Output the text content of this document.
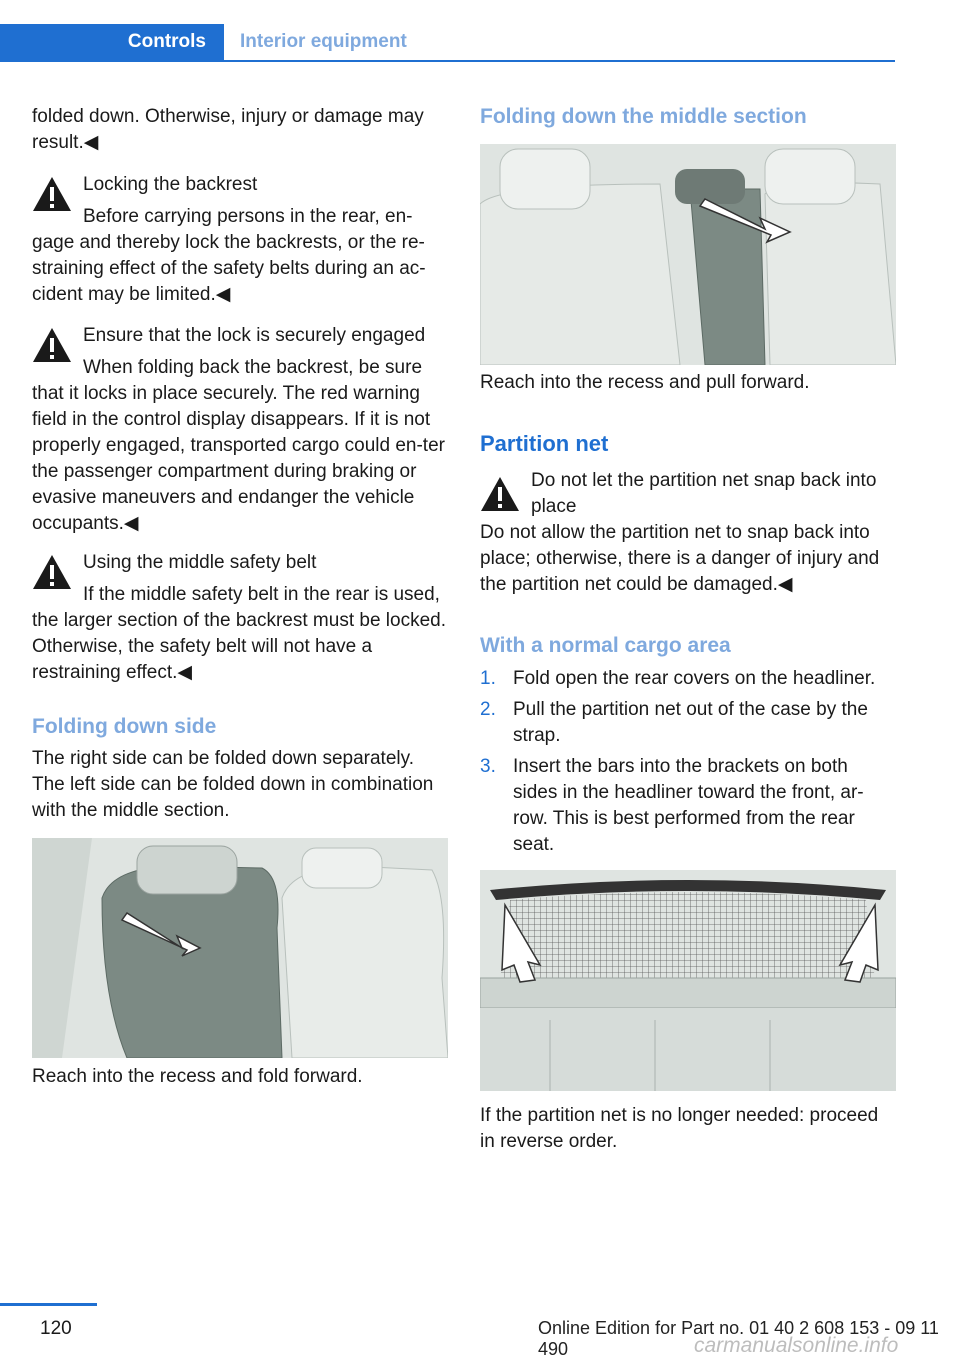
Controls	Interior equipment

folded down. Otherwise, injury or damage may result.◀

Locking the backrest
Before carrying persons in the rear, en‐gage and thereby lock the backrests, or the re‐straining effect of the safety belts during an ac‐cident may be limited.◀
Ensure that the lock is securely engaged
When folding back the backrest, be sure that it locks in place securely. The red warning field in the control display disappears. If it is not properly engaged, transported cargo could en‐ter the passenger compartment during braking or evasive maneuvers and endanger the vehicle occupants.◀
Using the middle safety belt
If the middle safety belt in the rear is used, the larger section of the backrest must be locked. Otherwise, the safety belt will not have a restraining effect.◀
Folding down side

The right side can be folded down separately. The left side can be folded down in combination with the middle section.

Reach into the recess and fold forward.

Folding down the middle section

Reach into the recess and pull forward.

Partition net
Do not let the partition net snap back into place
Do not allow the partition net to snap back into place; otherwise, there is a danger of injury and the partition net could be damaged.◀
With a normal cargo area
1. Fold open the rear covers on the headliner.
2. Pull the partition net out of the case by the strap.
3. Insert the bars into the brackets on both sides in the headliner toward the front, ar‐row. This is best performed from the rear seat.

If the partition net is no longer needed: proceed in reverse order.

120	Online Edition for Part no. 01 40 2 608 153 - 09 11 490	carmanualsonline.info
